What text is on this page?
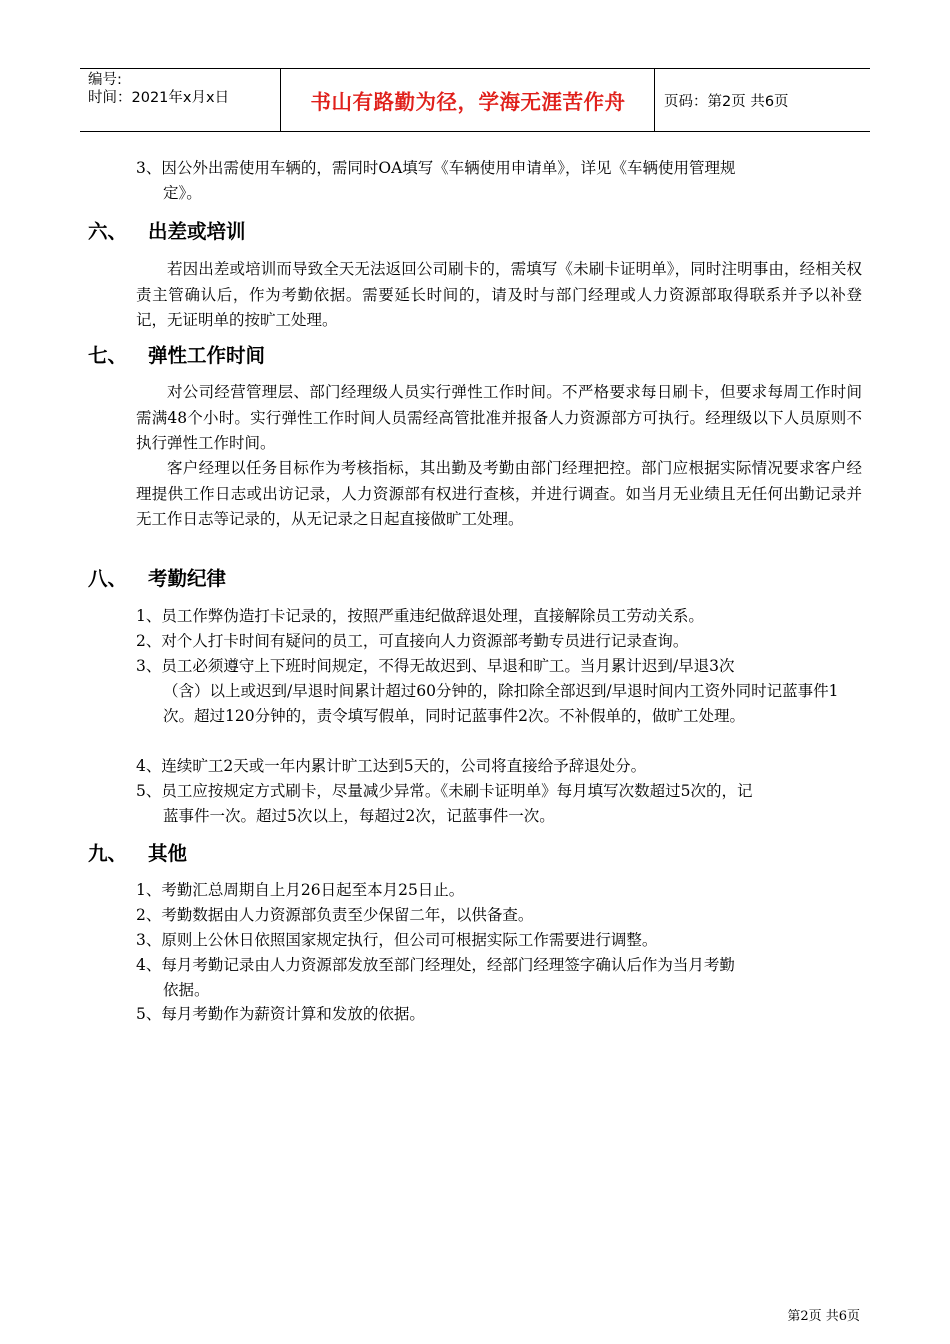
编号:
时间：2021年x月x日	书山有路勤为径，学海无涯苦作舟	页码：第2页 共6页
3、因公外出需使用车辆的，需同时OA填写《车辆使用申请单》，详见《车辆使用管理规
定》。
六、 出差或培训

若因出差或培训而导致全天无法返回公司刷卡的，需填写《未刷卡证明单》，同时注明事由，经相关权责主管确认后，作为考勤依据。需要延长时间的，请及时与部门经理或人力资源部取得联系并予以补登记，无证明单的按旷工处理。

七、 弹性工作时间

对公司经营管理层、部门经理级人员实行弹性工作时间。不严格要求每日刷卡，但要求每周工作时间需满48个小时。实行弹性工作时间人员需经高管批准并报备人力资源部方可执行。经理级以下人员原则不执行弹性工作时间。

客户经理以任务目标作为考核指标，其出勤及考勤由部门经理把控。部门应根据实际情况要求客户经理提供工作日志或出访记录，人力资源部有权进行查核，并进行调查。如当月无业绩且无任何出勤记录并无工作日志等记录的，从无记录之日起直接做旷工处理。

八、 考勤纪律
1、员工作弊伪造打卡记录的，按照严重违纪做辞退处理，直接解除员工劳动关系。
2、对个人打卡时间有疑问的员工，可直接向人力资源部考勤专员进行记录查询。
3、员工必须遵守上下班时间规定，不得无故迟到、早退和旷工。当月累计迟到/早退3次
（含）以上或迟到/早退时间累计超过60分钟的，除扣除全部迟到/早退时间内工资外同时记蓝事件1次。超过120分钟的，责令填写假单，同时记蓝事件2次。不补假单的，做旷工处理。
4、连续旷工2天或一年内累计旷工达到5天的，公司将直接给予辞退处分。
5、员工应按规定方式刷卡，尽量减少异常。《未刷卡证明单》每月填写次数超过5次的，记
蓝事件一次。超过5次以上，每超过2次，记蓝事件一次。
九、 其他
1、考勤汇总周期自上月26日起至本月25日止。
2、考勤数据由人力资源部负责至少保留二年，以供备查。
3、原则上公休日依照国家规定执行，但公司可根据实际工作需要进行调整。
4、每月考勤记录由人力资源部发放至部门经理处，经部门经理签字确认后作为当月考勤
依据。
5、每月考勤作为薪资计算和发放的依据。
第2页 共6页
